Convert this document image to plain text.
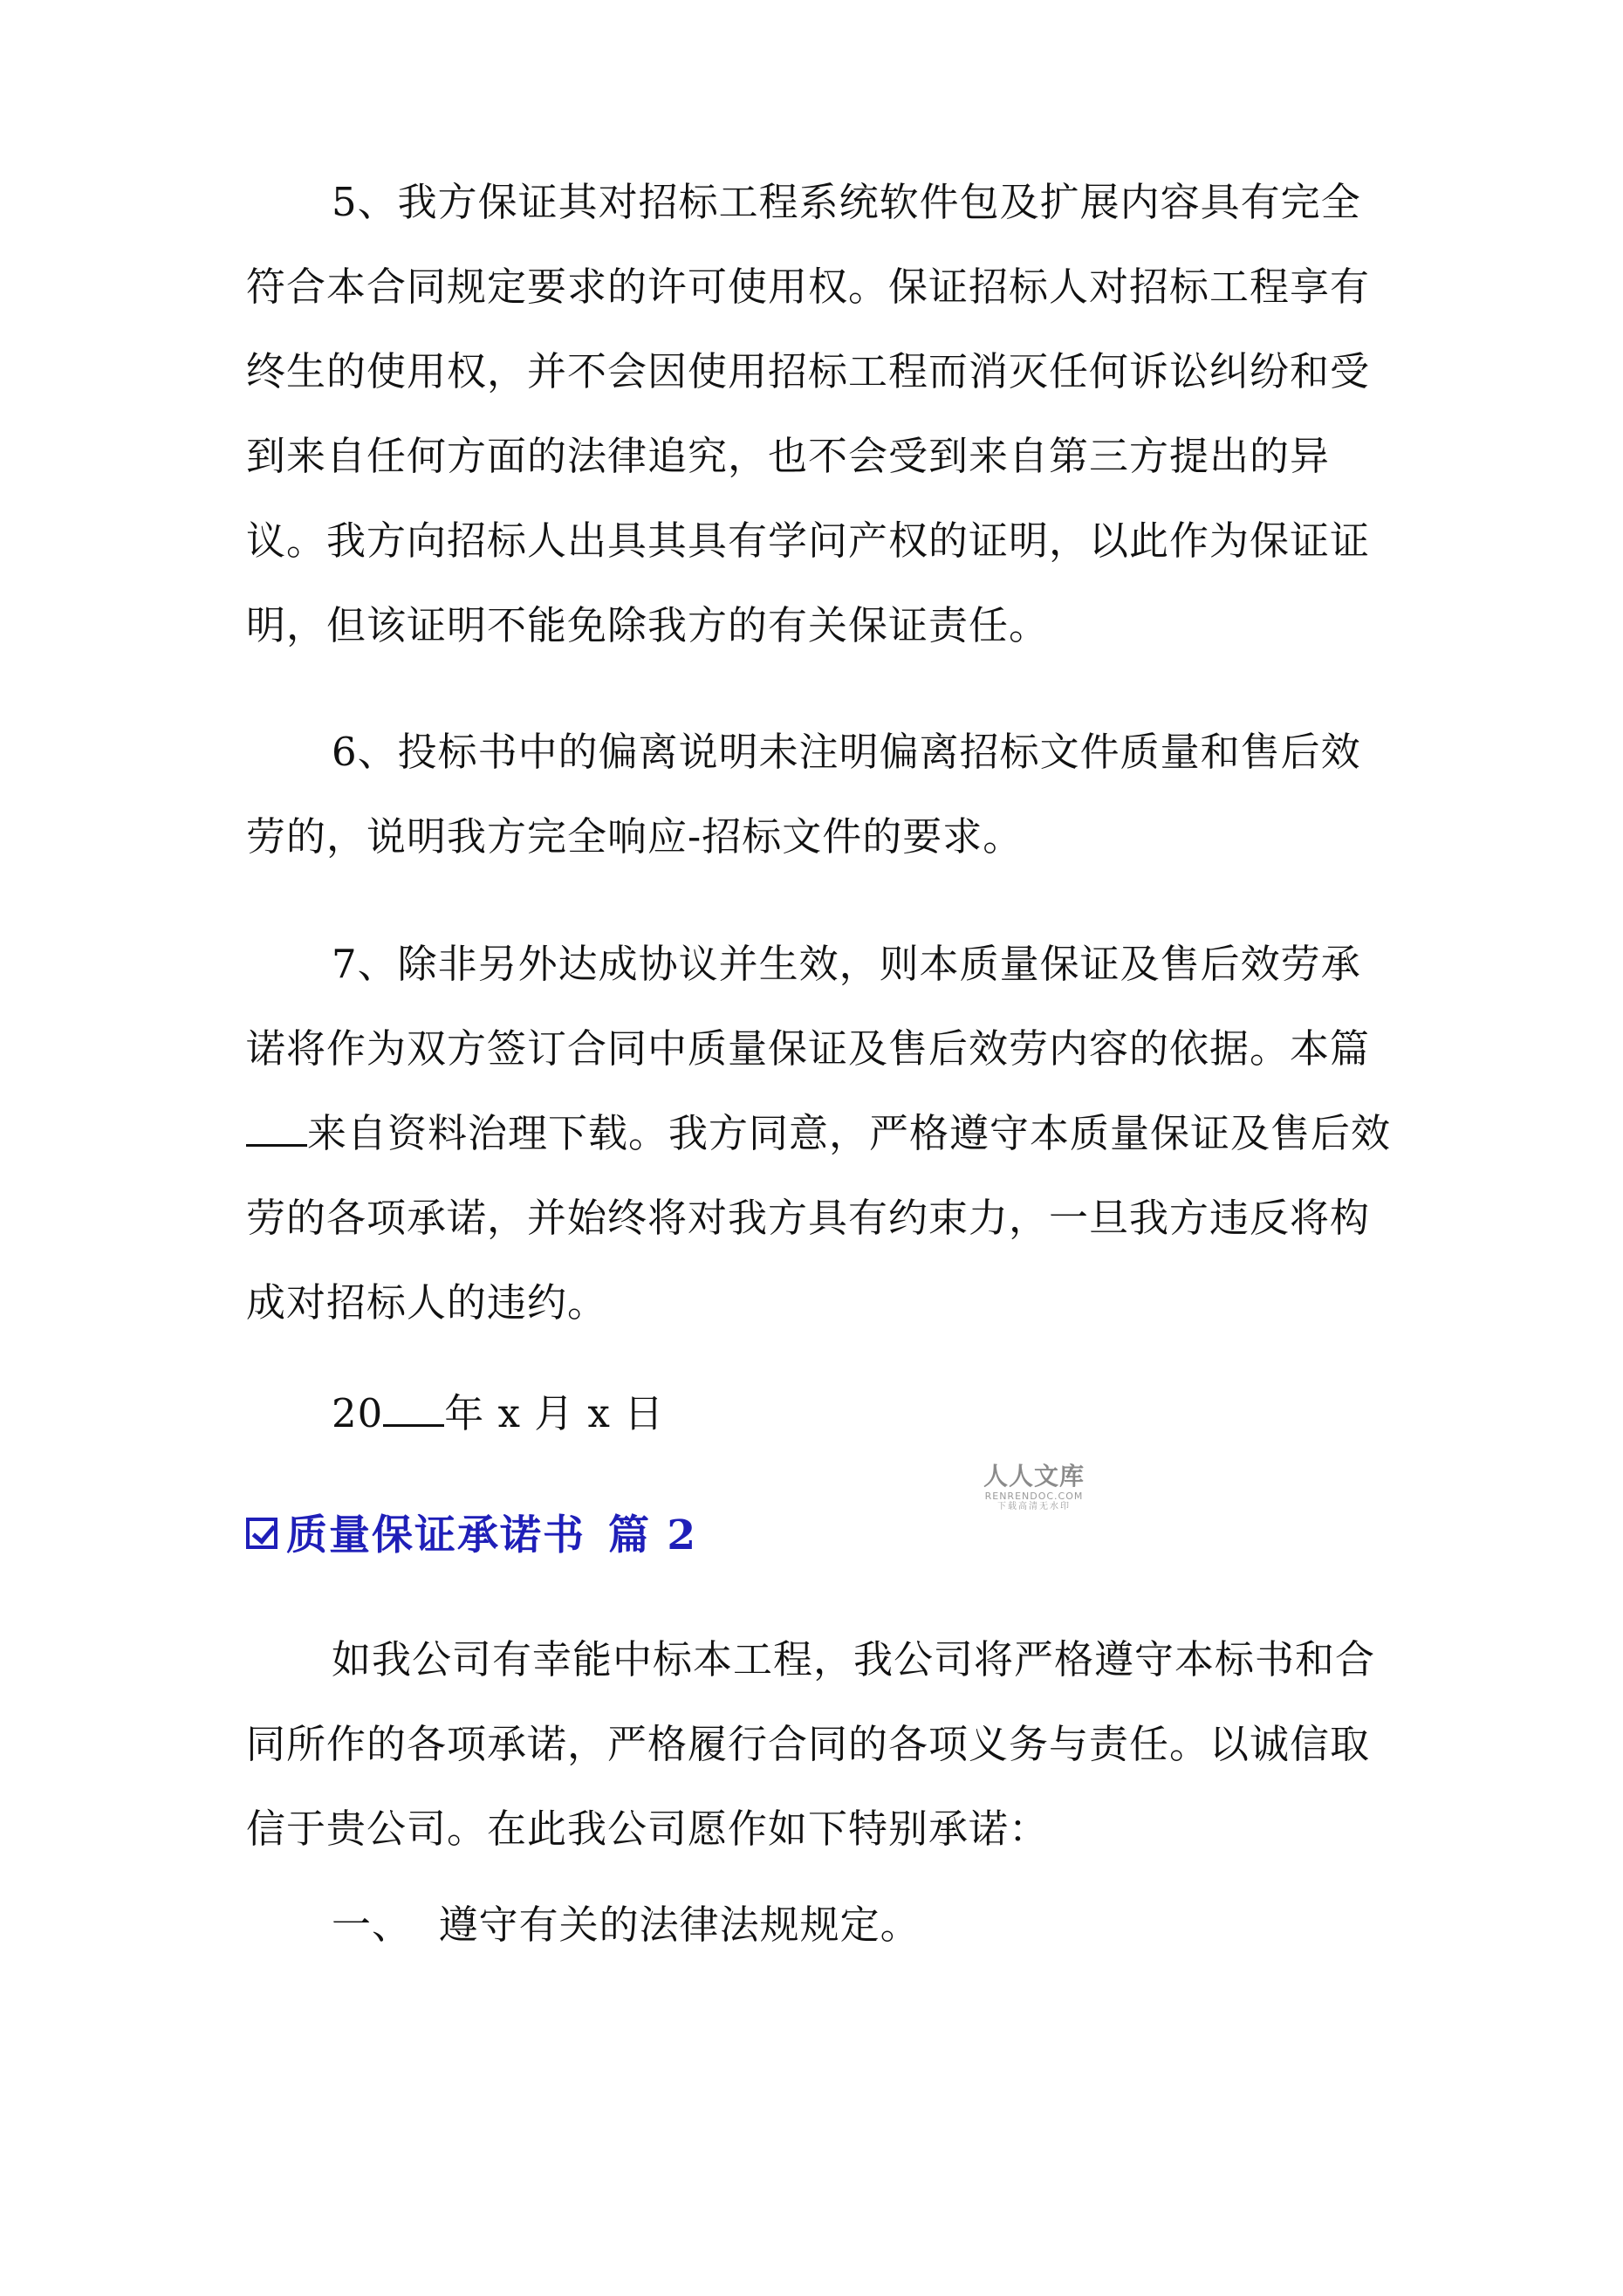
5、我方保证其对招标工程系统软件包及扩展内容具有完全
符合本合同规定要求的许可使用权。保证招标人对招标工程享有
终生的使用权，并不会因使用招标工程而消灭任何诉讼纠纷和受
到来自任何方面的法律追究，也不会受到来自第三方提出的异
议。我方向招标人出具其具有学问产权的证明，以此作为保证证
明，但该证明不能免除我方的有关保证责任。
6、投标书中的偏离说明未注明偏离招标文件质量和售后效
劳的，说明我方完全响应-招标文件的要求。
7、除非另外达成协议并生效，则本质量保证及售后效劳承
诺将作为双方签订合同中质量保证及售后效劳内容的依据。本篇
来自资料治理下载。我方同意，严格遵守本质量保证及售后效
劳的各项承诺，并始终将对我方具有约束力，一旦我方违反将构
成对招标人的违约。
20 年 x 月 x 日
人人文库
RENRENDOC.COM
下载高清无水印
质量保证承诺书 篇 2
如我公司有幸能中标本工程，我公司将严格遵守本标书和合
同所作的各项承诺，严格履行合同的各项义务与责任。以诚信取
信于贵公司。在此我公司愿作如下特别承诺：
一、  遵守有关的法律法规规定。
